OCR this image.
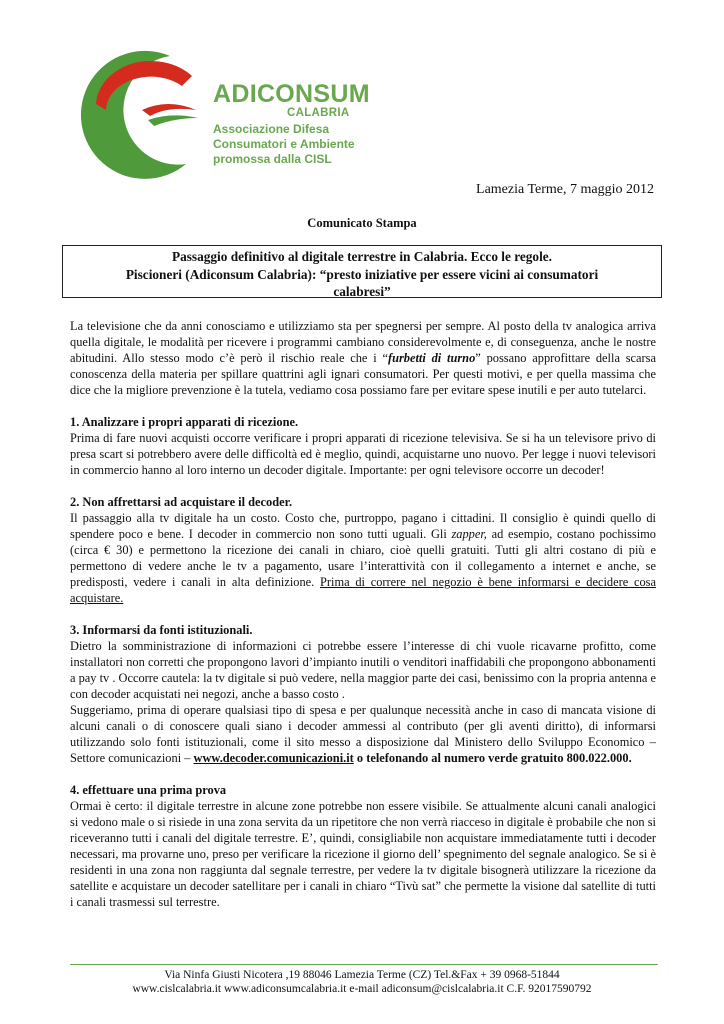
ADICONSUM
CALABRIA
Associazione Difesa
Consumatori e Ambiente
promossa dalla CISL
Lamezia Terme, 7 maggio 2012
Comunicato Stampa
Passaggio definitivo al digitale terrestre in Calabria. Ecco le regole.
Piscioneri (Adiconsum Calabria): “presto iniziative per essere vicini ai consumatori
calabresi”

La televisione che da anni conosciamo e utilizziamo sta per spegnersi per sempre. Al posto della tv analogica arriva quella digitale, le modalità per ricevere i programmi cambiano considerevolmente e, di conseguenza, anche le nostre abitudini. Allo stesso modo c’è però il rischio reale che i “furbetti di turno” possano approfittare della scarsa conoscenza della materia per spillare quattrini agli ignari consumatori. Per questi motivi, e per quella massima che dice che la migliore prevenzione è la tutela, vediamo cosa possiamo fare per evitare spese inutili e per auto tutelarci.

1. Analizzare i propri apparati di ricezione.

Prima di fare nuovi acquisti occorre verificare i propri apparati di ricezione televisiva. Se si ha un televisore privo di presa scart si potrebbero avere delle difficoltà ed è meglio, quindi, acquistarne uno nuovo. Per legge i nuovi televisori in commercio hanno al loro interno un decoder digitale. Importante: per ogni televisore occorre un decoder!

2. Non affrettarsi ad acquistare il decoder.

Il passaggio alla tv digitale ha un costo. Costo che, purtroppo, pagano i cittadini. Il consiglio è quindi quello di spendere poco e bene. I decoder in commercio non sono tutti uguali. Gli zapper, ad esempio, costano pochissimo (circa € 30) e permettono la ricezione dei canali in chiaro, cioè quelli gratuiti. Tutti gli altri costano di più e permettono di vedere anche le tv a pagamento, usare l’interattività con il collegamento a internet e anche, se predisposti, vedere i canali in alta definizione. Prima di correre nel negozio è bene informarsi e decidere cosa acquistare.

3. Informarsi da fonti istituzionali.

Dietro la somministrazione di informazioni ci potrebbe essere l’interesse di chi vuole ricavarne profitto, come installatori non corretti che propongono lavori d’impianto inutili o venditori inaffidabili che propongono abbonamenti a pay tv . Occorre cautela: la tv digitale si può vedere, nella maggior parte dei casi, benissimo con la propria antenna e con decoder acquistati nei negozi, anche a basso costo .

Suggeriamo, prima di operare qualsiasi tipo di spesa e per qualunque necessità anche in caso di mancata visione di alcuni canali o di conoscere quali siano i decoder ammessi al contributo (per gli aventi diritto), di informarsi utilizzando solo fonti istituzionali, come il sito messo a disposizione dal Ministero dello Sviluppo Economico – Settore comunicazioni – www.decoder.comunicazioni.it o telefonando al numero verde gratuito 800.022.000.

4. effettuare una prima prova

Ormai è certo: il digitale terrestre in alcune zone potrebbe non essere visibile. Se attualmente alcuni canali analogici si vedono male o si risiede in una zona servita da un ripetitore che non verrà riacceso in digitale è probabile che non si riceveranno tutti i canali del digitale terrestre. E’, quindi, consigliabile non acquistare immediatamente tutti i decoder necessari, ma provarne uno, preso per verificare la ricezione il giorno dell’ spegnimento del segnale analogico. Se si è residenti in una zona non raggiunta dal segnale terrestre, per vedere la tv digitale bisognerà utilizzare la ricezione da satellite e acquistare un decoder satellitare per i canali in chiaro “Tivù sat” che permette la visione dal satellite di tutti i canali trasmessi sul terrestre.

Via Ninfa Giusti Nicotera ,19 88046 Lamezia Terme (CZ) Tel.&Fax + 39 0968-51844
www.cislcalabria.it www.adiconsumcalabria.it e-mail adiconsum@cislcalabria.it C.F. 92017590792
